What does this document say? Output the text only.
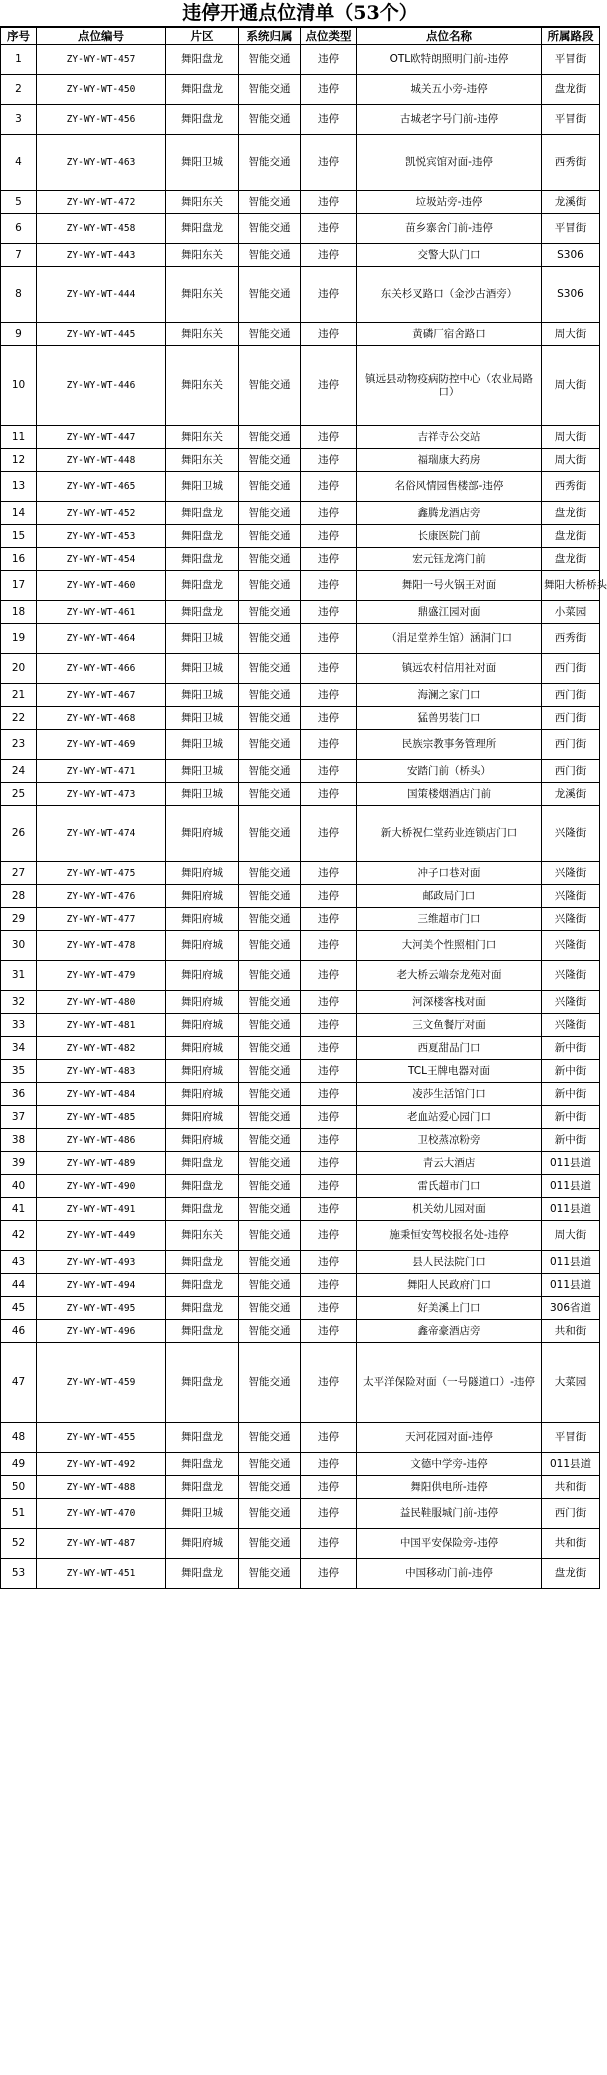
违停开通点位清单（53个）
序号	点位编号	片区	系统归属	点位类型	点位名称	所属路段
1	ZY-WY-WT-457	舞阳盘龙	智能交通	违停	OTL欧特朗照明门前-违停	平冒街
2	ZY-WY-WT-450	舞阳盘龙	智能交通	违停	城关五小旁-违停	盘龙街
3	ZY-WY-WT-456	舞阳盘龙	智能交通	违停	古城老字号门前-违停	平冒街
4	ZY-WY-WT-463	舞阳卫城	智能交通	违停	凯悦宾馆对面-违停	西秀街
5	ZY-WY-WT-472	舞阳东关	智能交通	违停	垃圾站旁-违停	龙溪街
6	ZY-WY-WT-458	舞阳盘龙	智能交通	违停	苗乡寨舍门前-违停	平冒街
7	ZY-WY-WT-443	舞阳东关	智能交通	违停	交警大队门口	S306
8	ZY-WY-WT-444	舞阳东关	智能交通	违停	东关杉叉路口（金沙古酒旁）	S306
9	ZY-WY-WT-445	舞阳东关	智能交通	违停	黄磷厂宿舍路口	周大街
10	ZY-WY-WT-446	舞阳东关	智能交通	违停	镇远县动物疫病防控中心（农业局路口）	周大街
11	ZY-WY-WT-447	舞阳东关	智能交通	违停	吉祥寺公交站	周大街
12	ZY-WY-WT-448	舞阳东关	智能交通	违停	福瑞康大药房	周大街
13	ZY-WY-WT-465	舞阳卫城	智能交通	违停	名俗风情园售楼部-违停	西秀街
14	ZY-WY-WT-452	舞阳盘龙	智能交通	违停	鑫腾龙酒店旁	盘龙街
15	ZY-WY-WT-453	舞阳盘龙	智能交通	违停	长康医院门前	盘龙街
16	ZY-WY-WT-454	舞阳盘龙	智能交通	违停	宏元钰龙湾门前	盘龙街
17	ZY-WY-WT-460	舞阳盘龙	智能交通	违停	舞阳一号火锅王对面	舞阳大桥桥头
18	ZY-WY-WT-461	舞阳盘龙	智能交通	违停	鼎盛江园对面	小菜园
19	ZY-WY-WT-464	舞阳卫城	智能交通	违停	（涓足堂养生馆）涵洞门口	西秀街
20	ZY-WY-WT-466	舞阳卫城	智能交通	违停	镇远农村信用社对面	西门街
21	ZY-WY-WT-467	舞阳卫城	智能交通	违停	海澜之家门口	西门街
22	ZY-WY-WT-468	舞阳卫城	智能交通	违停	猛兽男装门口	西门街
23	ZY-WY-WT-469	舞阳卫城	智能交通	违停	民族宗教事务管理所	西门街
24	ZY-WY-WT-471	舞阳卫城	智能交通	违停	安踏门前（桥头）	西门街
25	ZY-WY-WT-473	舞阳卫城	智能交通	违停	国策楼烟酒店门前	龙溪街
26	ZY-WY-WT-474	舞阳府城	智能交通	违停	新大桥祝仁堂药业连锁店门口	兴隆街
27	ZY-WY-WT-475	舞阳府城	智能交通	违停	冲子口巷对面	兴隆街
28	ZY-WY-WT-476	舞阳府城	智能交通	违停	邮政局门口	兴隆街
29	ZY-WY-WT-477	舞阳府城	智能交通	违停	三维超市门口	兴隆街
30	ZY-WY-WT-478	舞阳府城	智能交通	违停	大河美个性照相门口	兴隆街
31	ZY-WY-WT-479	舞阳府城	智能交通	违停	老大桥云端奈龙苑对面	兴隆街
32	ZY-WY-WT-480	舞阳府城	智能交通	违停	河深楼客栈对面	兴隆街
33	ZY-WY-WT-481	舞阳府城	智能交通	违停	三文鱼餐厅对面	兴隆街
34	ZY-WY-WT-482	舞阳府城	智能交通	违停	西夏甜品门口	新中街
35	ZY-WY-WT-483	舞阳府城	智能交通	违停	TCL王牌电器对面	新中街
36	ZY-WY-WT-484	舞阳府城	智能交通	违停	凌莎生活馆门口	新中街
37	ZY-WY-WT-485	舞阳府城	智能交通	违停	老血站爱心园门口	新中街
38	ZY-WY-WT-486	舞阳府城	智能交通	违停	卫校蒸凉粉旁	新中街
39	ZY-WY-WT-489	舞阳盘龙	智能交通	违停	青云大酒店	011县道
40	ZY-WY-WT-490	舞阳盘龙	智能交通	违停	雷氏超市门口	011县道
41	ZY-WY-WT-491	舞阳盘龙	智能交通	违停	机关幼儿园对面	011县道
42	ZY-WY-WT-449	舞阳东关	智能交通	违停	施秉恒安驾校报名处-违停	周大街
43	ZY-WY-WT-493	舞阳盘龙	智能交通	违停	县人民法院门口	011县道
44	ZY-WY-WT-494	舞阳盘龙	智能交通	违停	舞阳人民政府门口	011县道
45	ZY-WY-WT-495	舞阳盘龙	智能交通	违停	好美溪上门口	306省道
46	ZY-WY-WT-496	舞阳盘龙	智能交通	违停	鑫帝豪酒店旁	共和街
47	ZY-WY-WT-459	舞阳盘龙	智能交通	违停	太平洋保险对面（一号隧道口）-违停	大菜园
48	ZY-WY-WT-455	舞阳盘龙	智能交通	违停	天河花园对面-违停	平冒街
49	ZY-WY-WT-492	舞阳盘龙	智能交通	违停	文德中学旁-违停	011县道
50	ZY-WY-WT-488	舞阳盘龙	智能交通	违停	舞阳供电所-违停	共和街
51	ZY-WY-WT-470	舞阳卫城	智能交通	违停	益民鞋服城门前-违停	西门街
52	ZY-WY-WT-487	舞阳府城	智能交通	违停	中国平安保险旁-违停	共和街
53	ZY-WY-WT-451	舞阳盘龙	智能交通	违停	中国移动门前-违停	盘龙街
